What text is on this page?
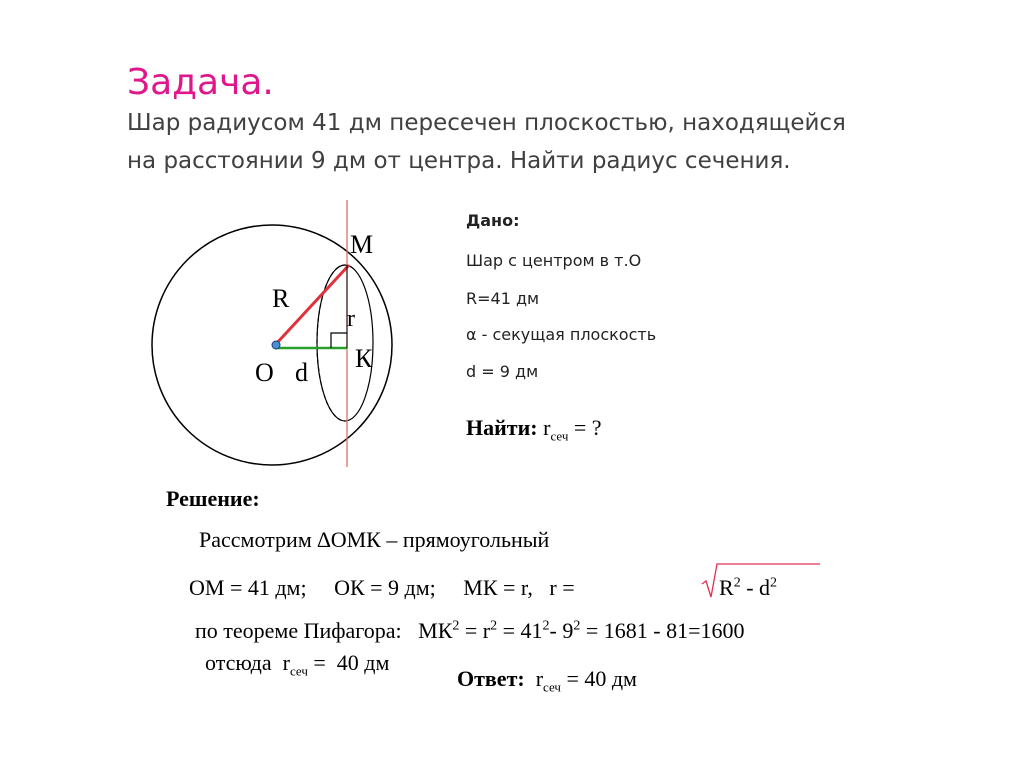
Задача.
Шар радиусом 41 дм пересечен плоскостью, находящейся
на расстоянии 9 дм от центра. Найти радиус сечения.
М
R
r
О d К
Дано:
Шар с центром в т.О
R=41 дм
α - секущая плоскость
d = 9 дм
Найти: $r_{сеч}$ = ?
Решение:
Рассмотрим ∆ОМК – прямоугольный
ОМ = 41 дм;     ОК = 9 дм;     МК = r,   r =	$R^2 - d^2$
по теореме Пифагора:   $МК^2 = r^2 = 41^2-$ $9^2 = 1681 - 81=1600$
отсюда  $r_{сеч} = 40$ дм
Ответ:  $r_{сеч} = 40$ дм
